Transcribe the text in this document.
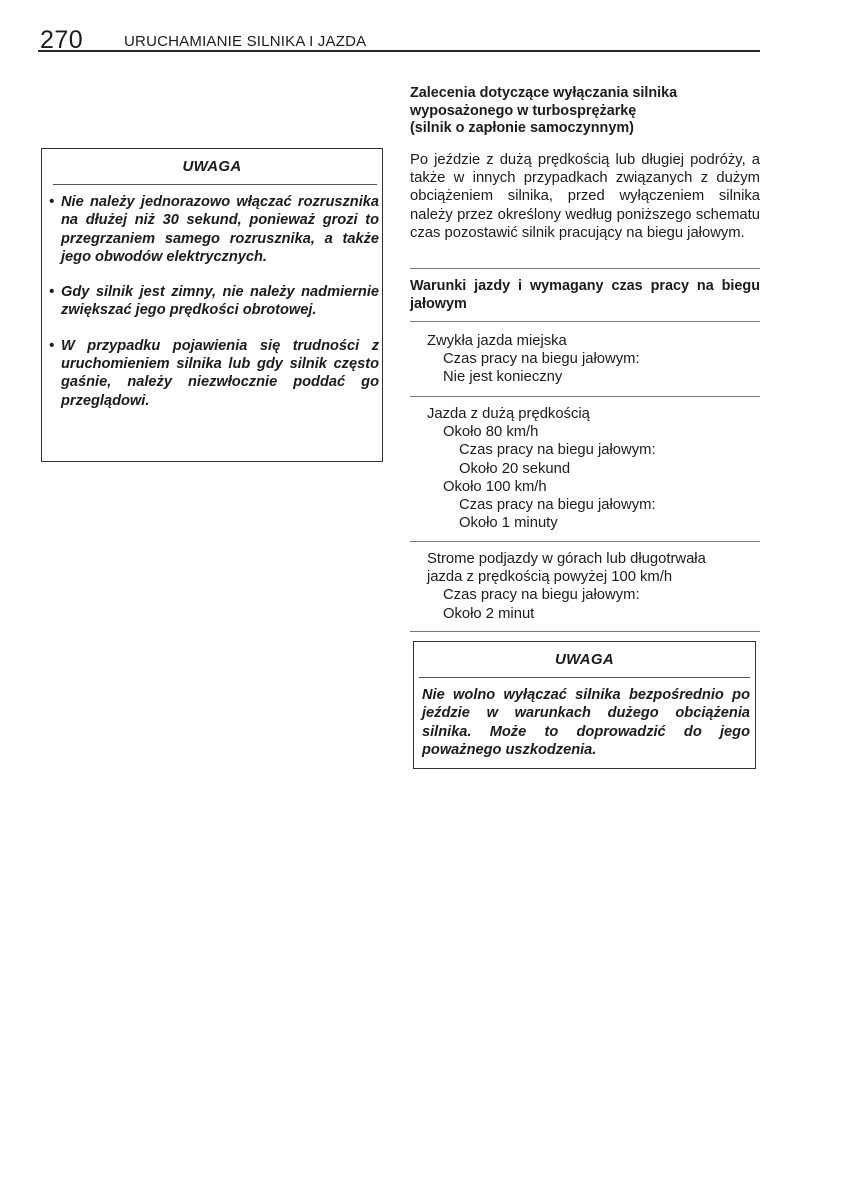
270	URUCHAMIANIE SILNIKA I JAZDA
UWAGA
• Nie należy jednorazowo włączać rozrusznika na dłużej niż 30 sekund, ponieważ grozi to przegrzaniem samego rozrusznika, a także jego obwodów elektrycznych.
• Gdy silnik jest zimny, nie należy nadmiernie zwiększać jego prędkości obrotowej.
• W przypadku pojawienia się trudności z uruchomieniem silnika lub gdy silnik często gaśnie, należy niezwłocznie poddać go przeglądowi.
Zalecenia dotyczące wyłączania silnika
wyposażonego w turbosprężarkę
(silnik o zapłonie samoczynnym)
Po jeździe z dużą prędkością lub długiej podróży, a także w innych przypadkach związanych z dużym obciążeniem silnika, przed wyłączeniem silnika należy przez określony według poniższego schematu czas pozostawić silnik pracujący na biegu jałowym.
Warunki jazdy i wymagany czas pracy na biegu jałowym
Zwykła jazda miejska
Czas pracy na biegu jałowym:
Nie jest konieczny
Jazda z dużą prędkością
Około 80 km/h
Czas pracy na biegu jałowym:
Około 20 sekund
Około 100 km/h
Czas pracy na biegu jałowym:
Około 1 minuty
Strome podjazdy w górach lub długotrwała
jazda z prędkością powyżej 100 km/h
Czas pracy na biegu jałowym:
Około 2 minut
UWAGA
Nie wolno wyłączać silnika bezpośrednio po jeździe w warunkach dużego obciążenia silnika. Może to doprowadzić do jego poważnego uszkodzenia.
